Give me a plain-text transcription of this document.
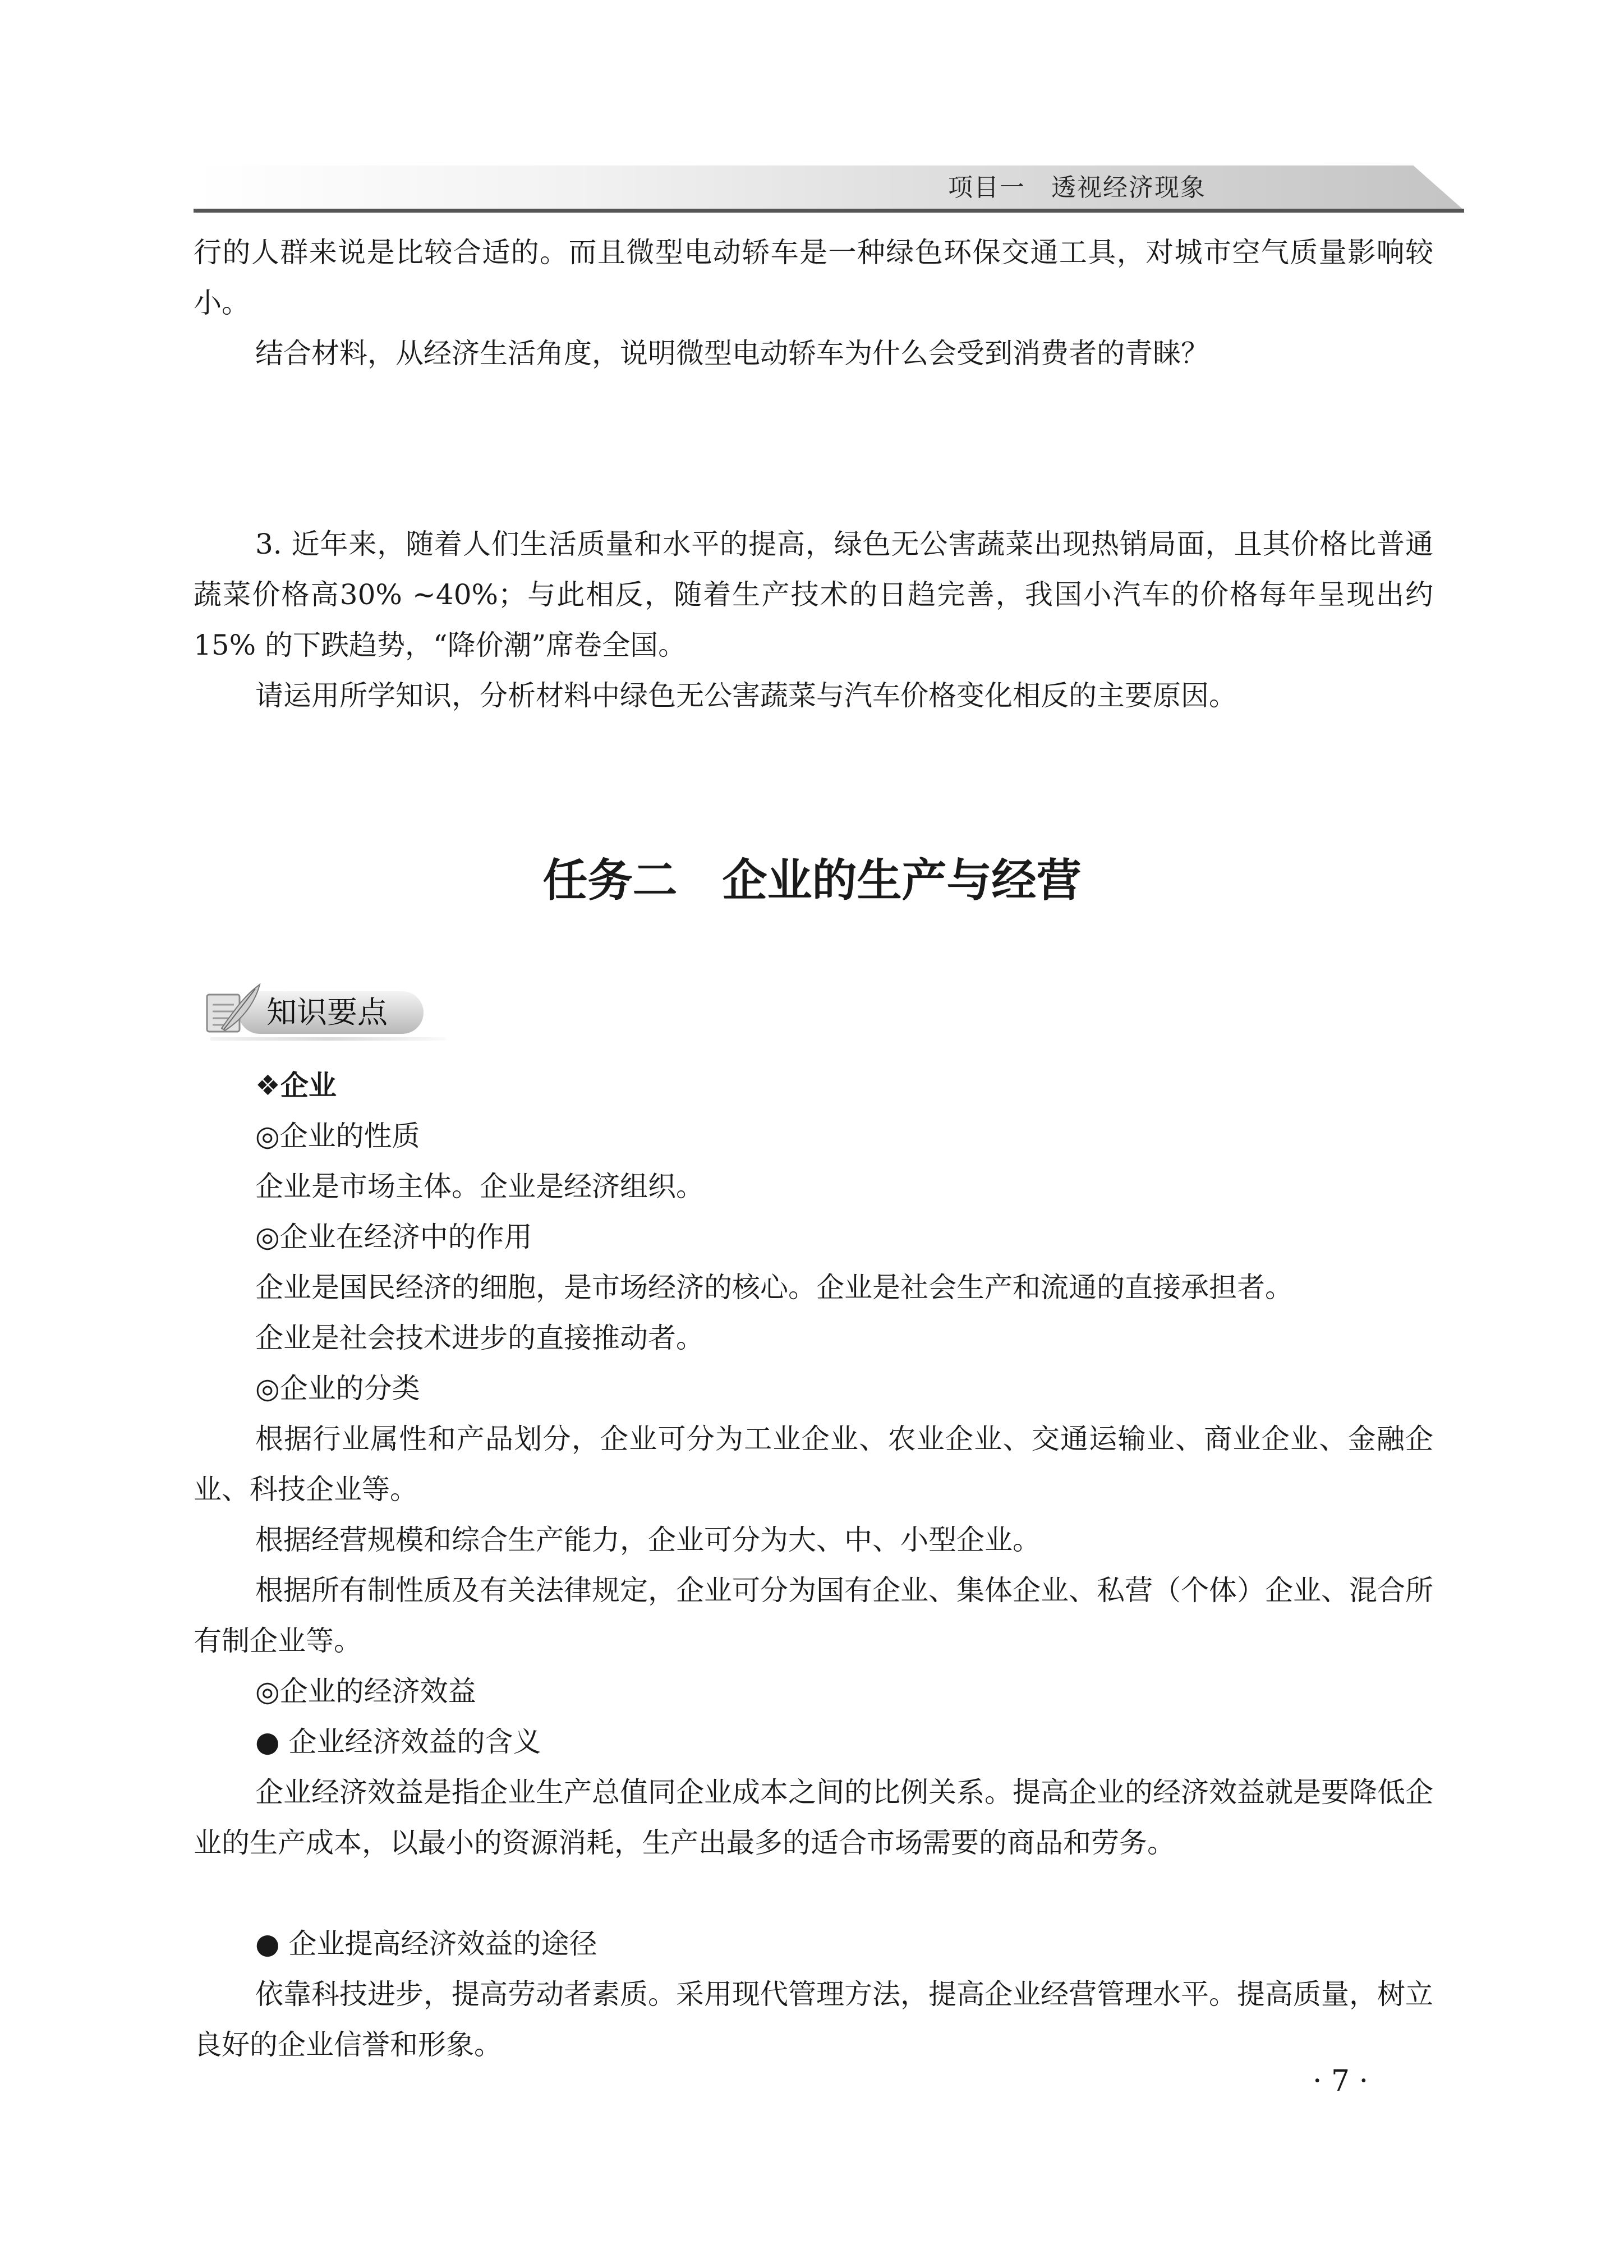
项目一　透视经济现象

行的人群来说是比较合适的。而且微型电动轿车是一种绿色环保交通工具，对城市空气质量影响较小。

结合材料，从经济生活角度，说明微型电动轿车为什么会受到消费者的青睐？

3. 近年来，随着人们生活质量和水平的提高，绿色无公害蔬菜出现热销局面，且其价格比普通蔬菜价格高30% ~40%；与此相反，随着生产技术的日趋完善，我国小汽车的价格每年呈现出约 15% 的下跌趋势，“降价潮”席卷全国。

请运用所学知识，分析材料中绿色无公害蔬菜与汽车价格变化相反的主要原因。

任务二　企业的生产与经营
知识要点
❖企业
◎企业的性质
企业是市场主体。企业是经济组织。
◎企业在经济中的作用
企业是国民经济的细胞，是市场经济的核心。企业是社会生产和流通的直接承担者。
企业是社会技术进步的直接推动者。
◎企业的分类

根据行业属性和产品划分，企业可分为工业企业、农业企业、交通运输业、商业企业、金融企业、科技企业等。

根据经营规模和综合生产能力，企业可分为大、中、小型企业。

根据所有制性质及有关法律规定，企业可分为国有企业、集体企业、私营（个体）企业、混合所有制企业等。

◎企业的经济效益
● 企业经济效益的含义

企业经济效益是指企业生产总值同企业成本之间的比例关系。提高企业的经济效益就是要降低企业的生产成本，以最小的资源消耗，生产出最多的适合市场需要的商品和劳务。

● 企业提高经济效益的途径

依靠科技进步，提高劳动者素质。采用现代管理方法，提高企业经营管理水平。提高质量，树立良好的企业信誉和形象。

· 7 ·
